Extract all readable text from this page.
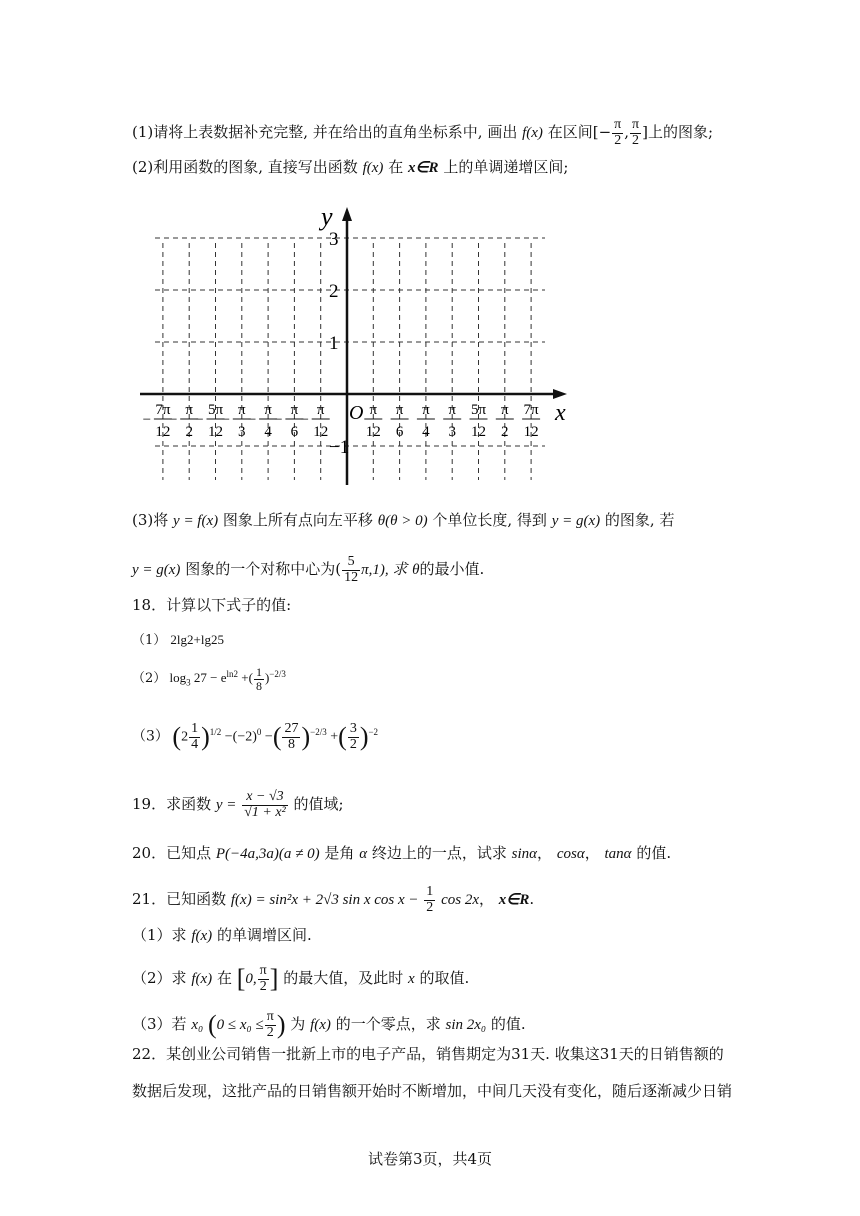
(1)请将上表数据补充完整, 并在给出的直角坐标系中, 画出 f(x) 在区间[− $\frac{\pi}{2}$ , $\frac{\pi}{2}$ ]上的图象;
(2)利用函数的图象, 直接写出函数 f(x) 在 x∈R 上的单调递增区间;
y
x
O
3
2
1
−1
7π
12
−
π
2
−
5π
12
−
π
3
−
π
4
−
π
6
−
π
12
−
π
12
π
6
π
4
π
3
5π
12
π
2
7π
12
(3)将 y = f(x) 图象上所有点向左平移 θ(θ > 0) 个单位长度, 得到 y = g(x) 的图象, 若
y = g(x) 图象的一个对称中心为( $\frac{5}{12} \pi,1$), 求 θ的最小值.
18．计算以下式子的值:
（1） 2lg2+lg25
（2） $\log_3 27 - e^{ln2}$ +( $\frac{1}{8} )^{-2/3}$
（3） $(2 \frac{1}{4} )^{1/2} -(-2)^0$ −( $\frac{27}{8} )^{-2/3}$ +( $\frac{3}{2} )^{-2}$
19．求函数 $y = \frac{x - √3}{\text{√1 + x²}}$ 的值域;
20．已知点 P(−4a,3a)(a ≠ 0) 是角 α 终边上的一点，试求 sinα， cosα， tanα 的值.
21．已知函数 f(x) = sin²x + 2√3 sin x $\cos x - \frac{1}{2}$ cos 2x， x∈R.
（1）求 f(x) 的单调增区间.
（2）求 f(x) 在 [0, $\frac{\pi}{2}$ ] 的最大值，及此时 x 的取值.
（3）若 x₀ ($0 \le x_0 \le \frac{\pi}{2}$ ) 为 f(x) 的一个零点，求 sin 2x₀ 的值.
22．某创业公司销售一批新上市的电子产品，销售期定为31天. 收集这31天的日销售额的
数据后发现，这批产品的日销售额开始时不断增加，中间几天没有变化，随后逐渐减少日销
试卷第3页，共4页
